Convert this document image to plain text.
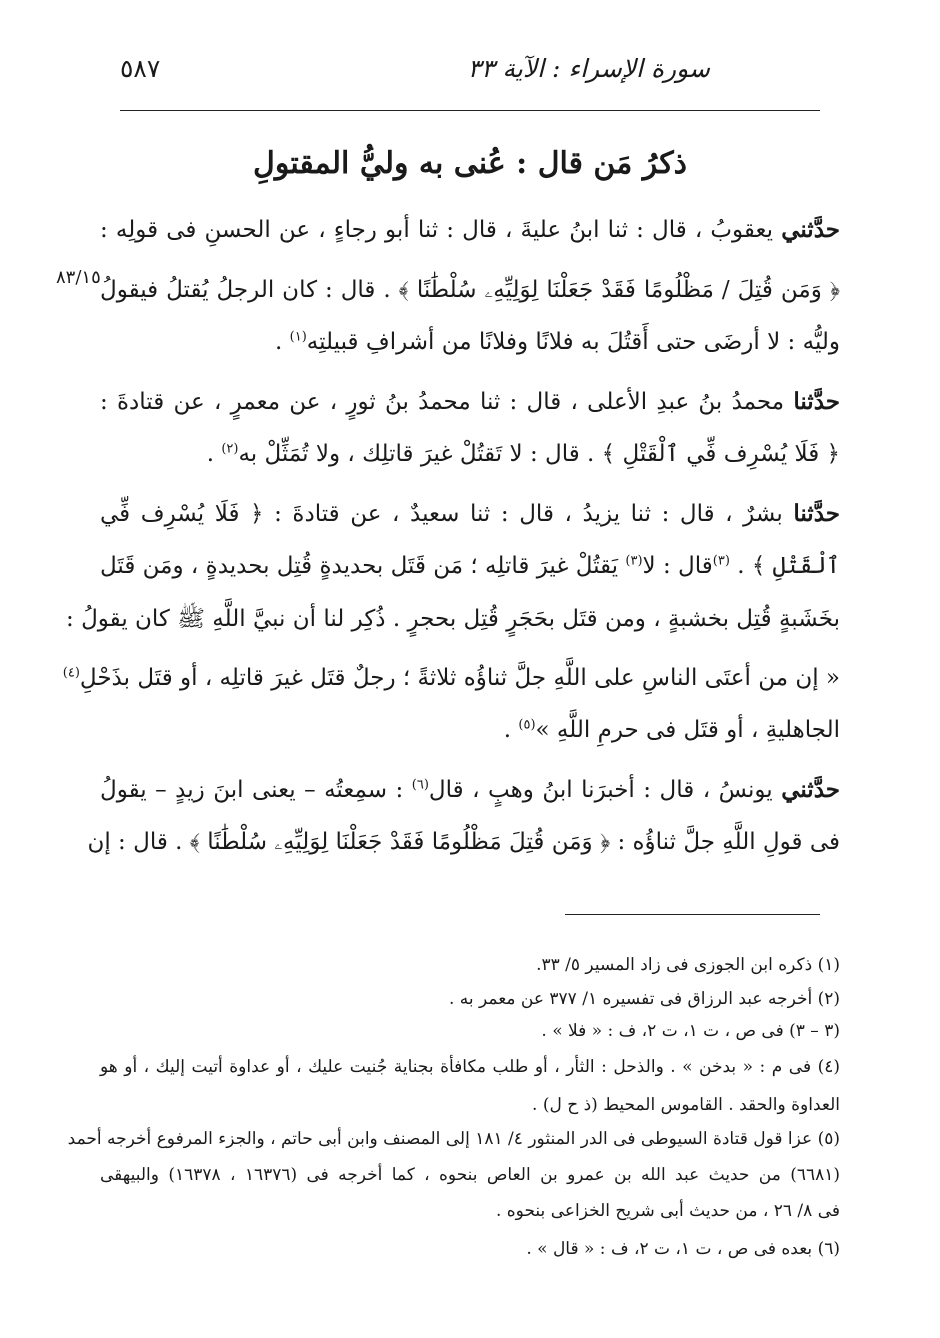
سورة الإسراء : الآية ٣٣
٥٨٧
ذكرُ مَن قال : عُنى به وليُّ المقتولِ
حدَّثني يعقوبُ ، قال : ثنا ابنُ عليةَ ، قال : ثنا أبو رجاءٍ ، عن الحسنِ فى قولِه :
﴿ وَمَن قُتِلَ / مَظْلُومًا فَقَدْ جَعَلْنَا لِوَلِيِّهِۦ سُلْطَٰنًا ﴾ . قال : كان الرجلُ يُقتلُ فيقولُ
وليُّه : لا أرضَى حتى أَقتُلَ به فلانًا وفلانًا من أشرافِ قبيلتِه$^{(١)}$ .
حدَّثنا محمدُ بنُ عبدِ الأعلى ، قال : ثنا محمدُ بنُ ثورٍ ، عن معمرٍ ، عن قتادةَ :
﴿ فَلَا يُسْرِف فِّي ٱلْقَتْلِ ﴾ . قال : لا تَقتُلْ غيرَ قاتلِك ، ولا تُمَثِّلْ به$^{(٢)}$ .
حدَّثنا بشرٌ ، قال : ثنا يزيدُ ، قال : ثنا سعيدٌ ، عن قتادةَ : ﴿ فَلَا يُسْرِف فِّي
ٱلْقَتْلِ ﴾ . $^{(٣)}$قال : لا$^{(٣)}$ يَقتُلْ غيرَ قاتلِه ؛ مَن قَتَل بحديدةٍ قُتِل بحديدةٍ ، ومَن قَتَل
بخَشَبةٍ قُتِل بخشبةٍ ، ومن قتَل بحَجَرٍ قُتِل بحجرٍ . ذُكِر لنا أن نبيَّ اللَّهِ ﷺ كان يقولُ :
« إن من أعتَى الناسِ على اللَّهِ جلَّ ثناؤُه ثلاثةً ؛ رجلٌ قتَل غيرَ قاتلِه ، أو قتَل بذَحْلِ$^{(٤)}$
الجاهليةِ ، أو قتَل فى حرمِ اللَّهِ »$^{(٥)}$ .
حدَّثني يونسُ ، قال : أخبرَنا ابنُ وهبٍ ، قال$^{(٦)}$ : سمِعتُه – يعنى ابنَ زيدٍ – يقولُ
فى قولِ اللَّهِ جلَّ ثناؤُه : ﴿ وَمَن قُتِلَ مَظْلُومًا فَقَدْ جَعَلْنَا لِوَلِيِّهِۦ سُلْطَٰنًا ﴾ . قال : إن
٨٣/١٥
(١) ذكره ابن الجوزى فى زاد المسير ٥/ ٣٣.
(٢) أخرجه عبد الرزاق فى تفسيره ١/ ٣٧٧ عن معمر به .
(٣ – ٣) فى ص ، ت ١، ت ٢، ف : « فلا » .
(٤) فى م : « بدخن » . والذحل : الثأر ، أو طلب مكافأة بجناية جُنيت عليك ، أو عداوة أتيت إليك ، أو هو
العداوة والحقد . القاموس المحيط (ذ ح ل) .
(٥) عزا قول قتادة السيوطى فى الدر المنثور ٤/ ١٨١ إلى المصنف وابن أبى حاتم ، والجزء المرفوع أخرجه أحمد
(٦٦٨١) من حديث عبد الله بن عمرو بن العاص بنحوه ، كما أخرجه فى (١٦٣٧٦ ، ١٦٣٧٨) والبيهقى
فى ٨/ ٢٦ ، من حديث أبى شريح الخزاعى بنحوه .
(٦) بعده فى ص ، ت ١، ت ٢، ف : « قال » .
